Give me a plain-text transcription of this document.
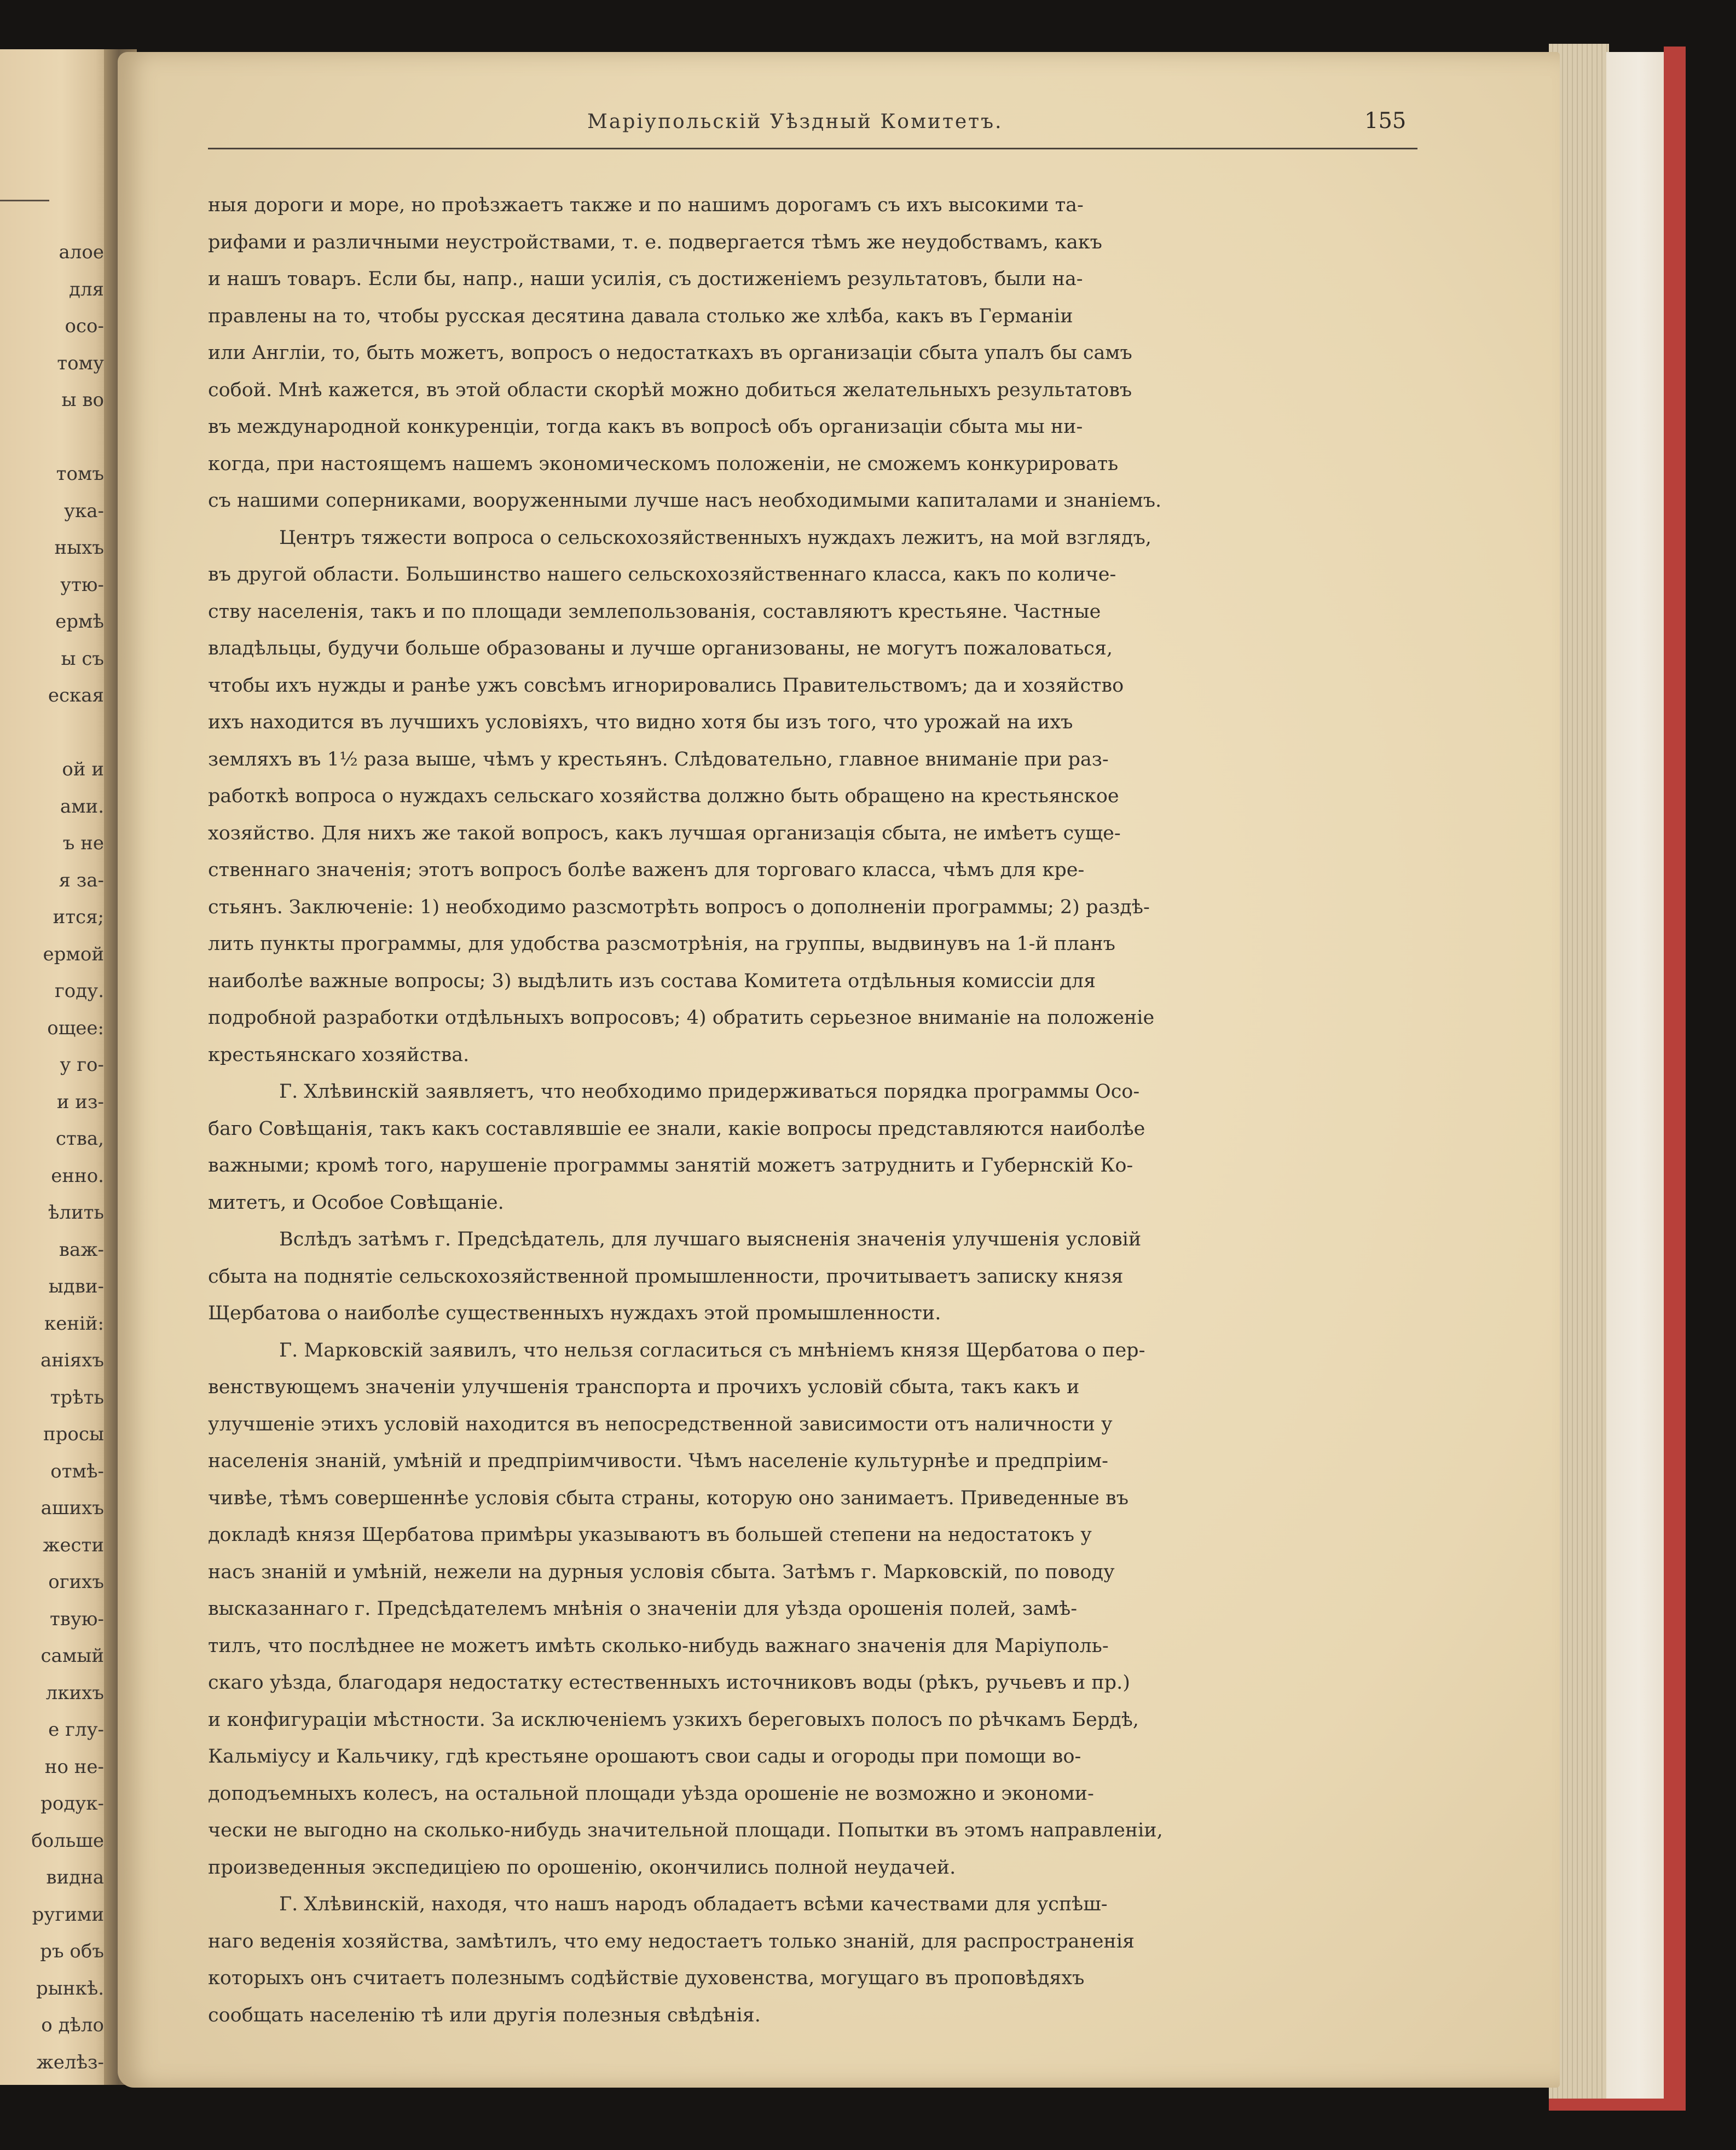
алое
для
осо-
тому
ы во
томъ
ука-
ныхъ
утю-
ермѣ
ы съ
еская
ой и
ами.
ъ не
я за-
ится;
ермой
году.
ощее:
у го-
и из-
ства,
енно.
ѣлить
важ-
ыдви-
кеній:
аніяхъ
трѣть
просы
отмѣ-
ашихъ
жести
огихъ
твую-
самый
лкихъ
е глу-
но не-
родук-
больше
видна
ругими
ръ объ
рынкѣ.
о дѣло
желѣз-
Маріупольскій Уѣздный Комитетъ.	155
ныя дороги и море, но проѣзжаетъ также и по нашимъ дорогамъ съ ихъ высокими та-
рифами и различными неустройствами, т. е. подвергается тѣмъ же неудобствамъ, какъ
и нашъ товаръ. Если бы, напр., наши усилія, съ достиженіемъ результатовъ, были на-
правлены на то, чтобы русская десятина давала столько же хлѣба, какъ въ Германіи
или Англіи, то, быть можетъ, вопросъ о недостаткахъ въ организаціи сбыта упалъ бы самъ
собой. Мнѣ кажется, въ этой области скорѣй можно добиться желательныхъ результатовъ
въ международной конкуренціи, тогда какъ въ вопросѣ объ организаціи сбыта мы ни-
когда, при настоящемъ нашемъ экономическомъ положеніи, не сможемъ конкурировать
съ нашими соперниками, вооруженными лучше насъ необходимыми капиталами и знаніемъ.
Центръ тяжести вопроса о сельскохозяйственныхъ нуждахъ лежитъ, на мой взглядъ,
въ другой области. Большинство нашего сельскохозяйственнаго класса, какъ по количе-
ству населенія, такъ и по площади землепользованія, составляютъ крестьяне. Частные
владѣльцы, будучи больше образованы и лучше организованы, не могутъ пожаловаться,
чтобы ихъ нужды и ранѣе ужъ совсѣмъ игнорировались Правительствомъ; да и хозяйство
ихъ находится въ лучшихъ условіяхъ, что видно хотя бы изъ того, что урожай на ихъ
земляхъ въ 1½ раза выше, чѣмъ у крестьянъ. Слѣдовательно, главное вниманіе при раз-
работкѣ вопроса о нуждахъ сельскаго хозяйства должно быть обращено на крестьянское
хозяйство. Для нихъ же такой вопросъ, какъ лучшая организація сбыта, не имѣетъ суще-
ственнаго значенія; этотъ вопросъ болѣе важенъ для торговаго класса, чѣмъ для кре-
стьянъ. Заключеніе: 1) необходимо разсмотрѣть вопросъ о дополненіи программы; 2) раздѣ-
лить пункты программы, для удобства разсмотрѣнія, на группы, выдвинувъ на 1-й планъ
наиболѣе важные вопросы; 3) выдѣлить изъ состава Комитета отдѣльныя комиссіи для
подробной разработки отдѣльныхъ вопросовъ; 4) обратить серьезное вниманіе на положеніе
крестьянскаго хозяйства.
Г. Хлѣвинскій заявляетъ, что необходимо придерживаться порядка программы Осо-
баго Совѣщанія, такъ какъ составлявшіе ее знали, какіе вопросы представляются наиболѣе
важными; кромѣ того, нарушеніе программы занятій можетъ затруднить и Губернскій Ко-
митетъ, и Особое Совѣщаніе.
Вслѣдъ затѣмъ г. Предсѣдатель, для лучшаго выясненія значенія улучшенія условій
сбыта на поднятіе сельскохозяйственной промышленности, прочитываетъ записку князя
Щербатова о наиболѣе существенныхъ нуждахъ этой промышленности.
Г. Марковскій заявилъ, что нельзя согласиться съ мнѣніемъ князя Щербатова о пер-
венствующемъ значеніи улучшенія транспорта и прочихъ условій сбыта, такъ какъ и
улучшеніе этихъ условій находится въ непосредственной зависимости отъ наличности у
населенія знаній, умѣній и предпріимчивости. Чѣмъ населеніе культурнѣе и предпріим-
чивѣе, тѣмъ совершеннѣе условія сбыта страны, которую оно занимаетъ. Приведенные въ
докладѣ князя Щербатова примѣры указываютъ въ большей степени на недостатокъ у
насъ знаній и умѣній, нежели на дурныя условія сбыта. Затѣмъ г. Марковскій, по поводу
высказаннаго г. Предсѣдателемъ мнѣнія о значеніи для уѣзда орошенія полей, замѣ-
тилъ, что послѣднее не можетъ имѣть сколько-нибудь важнаго значенія для Маріуполь-
скаго уѣзда, благодаря недостатку естественныхъ источниковъ воды (рѣкъ, ручьевъ и пр.)
и конфигураціи мѣстности. За исключеніемъ узкихъ береговыхъ полосъ по рѣчкамъ Бердѣ,
Кальміусу и Кальчику, гдѣ крестьяне орошаютъ свои сады и огороды при помощи во-
доподъемныхъ колесъ, на остальной площади уѣзда орошеніе не возможно и экономи-
чески не выгодно на сколько-нибудь значительной площади. Попытки въ этомъ направленіи,
произведенныя экспедиціею по орошенію, окончились полной неудачей.
Г. Хлѣвинскій, находя, что нашъ народъ обладаетъ всѣми качествами для успѣш-
наго веденія хозяйства, замѣтилъ, что ему недостаетъ только знаній, для распространенія
которыхъ онъ считаетъ полезнымъ содѣйствіе духовенства, могущаго въ проповѣдяхъ
сообщать населенію тѣ или другія полезныя свѣдѣнія.
